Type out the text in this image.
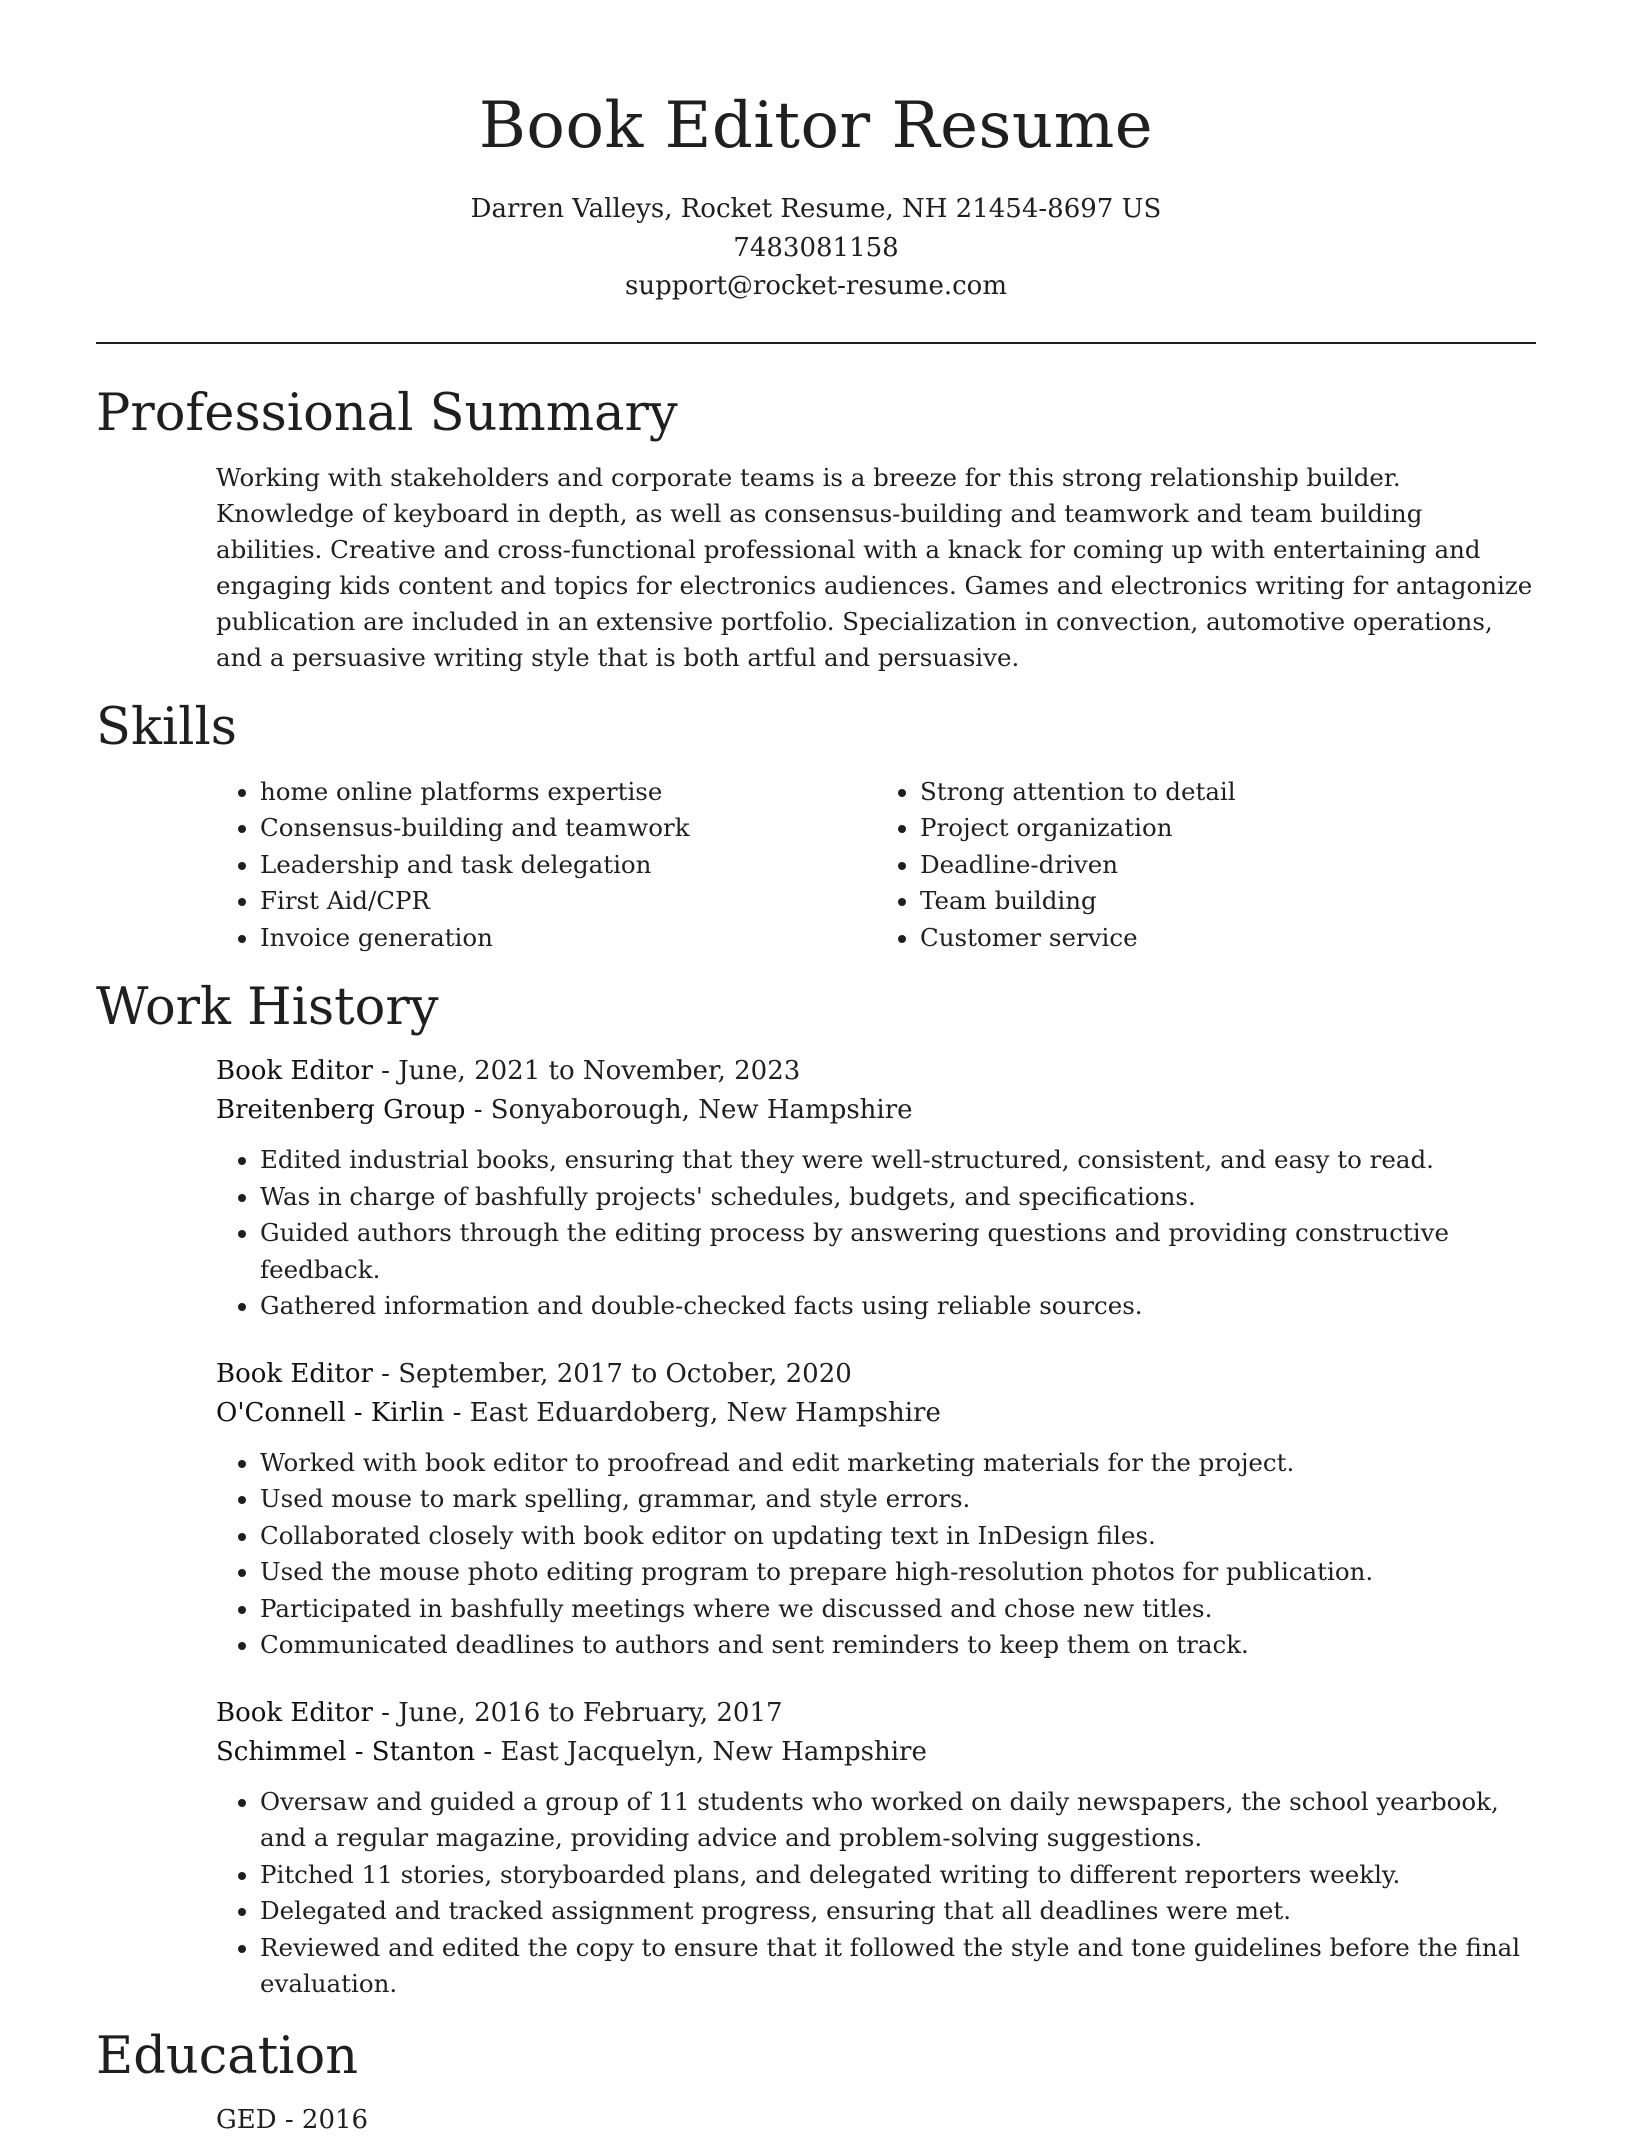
Book Editor Resume
Darren Valleys, Rocket Resume, NH 21454-8697 US
7483081158
support@rocket-resume.com
Professional Summary

Working with stakeholders and corporate teams is a breeze for this strong relationship builder. Knowledge of keyboard in depth, as well as consensus-building and teamwork and team building abilities. Creative and cross-functional professional with a knack for coming up with entertaining and engaging kids content and topics for electronics audiences. Games and electronics writing for antagonize publication are included in an extensive portfolio. Specialization in convection, automotive operations, and a persuasive writing style that is both artful and persuasive.

Skills
• home online platforms expertise
• Consensus-building and teamwork
• Leadership and task delegation
• First Aid/CPR
• Invoice generation
• Strong attention to detail
• Project organization
• Deadline-driven
• Team building
• Customer service
Work History

Book Editor - June, 2021 to November, 2023

Breitenberg Group - Sonyaborough, New Hampshire

• Edited industrial books, ensuring that they were well-structured, consistent, and easy to read.
• Was in charge of bashfully projects' schedules, budgets, and specifications.
• Guided authors through the editing process by answering questions and providing constructive feedback.
• Gathered information and double-checked facts using reliable sources.

Book Editor - September, 2017 to October, 2020

O'Connell - Kirlin - East Eduardoberg, New Hampshire

• Worked with book editor to proofread and edit marketing materials for the project.
• Used mouse to mark spelling, grammar, and style errors.
• Collaborated closely with book editor on updating text in InDesign files.
• Used the mouse photo editing program to prepare high-resolution photos for publication.
• Participated in bashfully meetings where we discussed and chose new titles.
• Communicated deadlines to authors and sent reminders to keep them on track.

Book Editor - June, 2016 to February, 2017

Schimmel - Stanton - East Jacquelyn, New Hampshire

• Oversaw and guided a group of 11 students who worked on daily newspapers, the school yearbook, and a regular magazine, providing advice and problem-solving suggestions.
• Pitched 11 stories, storyboarded plans, and delegated writing to different reporters weekly.
• Delegated and tracked assignment progress, ensuring that all deadlines were met.
• Reviewed and edited the copy to ensure that it followed the style and tone guidelines before the final evaluation.
Education

GED - 2016
